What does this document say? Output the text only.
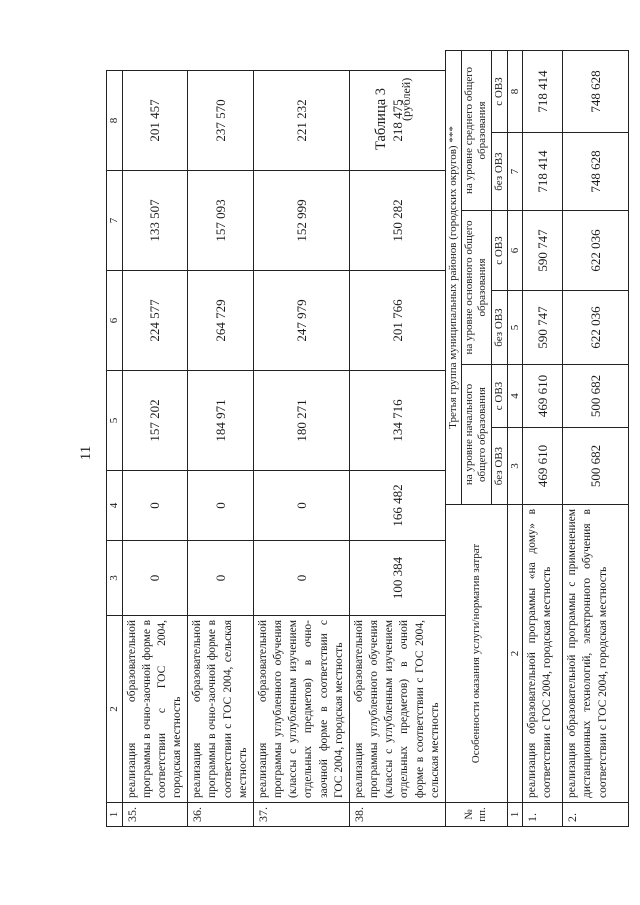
11
1	2	3	4	5	6	7	8
35.	реализация образовательной программы в очно-заочной форме в соответствии с ГОС 2004, городская местность	0	0	157 202	224 577	133 507	201 457
36.	реализация образовательной программы в очно-заочной форме в соответствии с ГОС 2004, сельская местность	0	0	184 971	264 729	157 093	237 570
37.	реализация образовательной программы углубленного обучения (классы с углубленным изучением отдельных предметов) в очно-заочной форме в соответствии с ГОС 2004, городская местность	0	0	180 271	247 979	152 999	221 232
38.	реализация образовательной программы углубленного обучения (классы с углубленным изучением отдельных предметов) в очной форме в соответствии с ГОС 2004, сельская местность	100 384	166 482	134 716	201 766	150 282	218 475
Таблица 3 (рублей)
№ пп.	Особенности оказания услуги/норматив затрат	Третья группа муниципальных районов (городских округов) ***					
		на уровне начального общего образования		на уровне основного общего образования		на уровне среднего общего образования	
		без ОВЗ	с ОВЗ	без ОВЗ	с ОВЗ	без ОВЗ	с ОВЗ
1	2	3	4	5	6	7	8
1.	реализация образовательной программы «на дому» в соответствии с ГОС 2004, городская местность	469 610	469 610	590 747	590 747	718 414	718 414
2.	реализация образовательной программы с применением дистанционных технологий, электронного обучения в соответствии с ГОС 2004, городская местность	500 682	500 682	622 036	622 036	748 628	748 628
